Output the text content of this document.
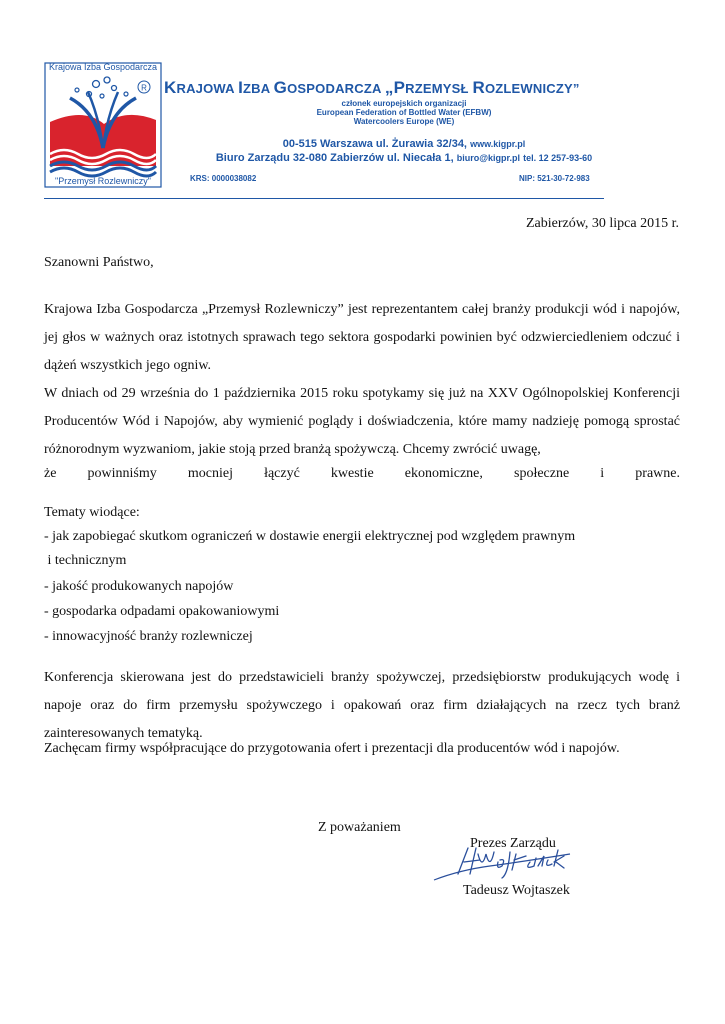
R
Krajowa Izba Gospodarcza
"Przemysł Rozlewniczy"
KRAJOWA IZBA GOSPODARCZA „PRZEMYSŁ ROZLEWNICZY”
członek europejskich organizacji
European Federation of Bottled Water (EFBW)
Watercoolers Europe (WE)
00-515 Warszawa ul. Żurawia 32/34, www.kigpr.pl
Biuro Zarządu 32-080 Zabierzów ul. Niecała 1, biuro@kigpr.pl tel. 12 257-93-60
KRS: 0000038082	NIP: 521-30-72-983
Zabierzów, 30 lipca 2015 r.
Szanowni Państwo,
Krajowa Izba Gospodarcza „Przemysł Rozlewniczy” jest reprezentantem całej branży produkcji wód i napojów, jej głos w ważnych oraz istotnych sprawach tego sektora gospodarki powinien być odzwierciedleniem odczuć i dążeń wszystkich jego ogniw.
W dniach od 29 września do 1 października 2015 roku spotykamy się już na XXV Ogólnopolskiej Konferencji Producentów Wód i Napojów, aby wymienić poglądy i doświadczenia, które mamy nadzieję pomogą sprostać różnorodnym wyzwaniom, jakie stoją przed branżą spożywczą. Chcemy zwrócić uwagę,
że powinniśmy mocniej łączyć kwestie ekonomiczne, społeczne i prawne.
Tematy wiodące:
- jak zapobiegać skutkom ograniczeń w dostawie energii elektrycznej pod względem prawnym
i technicznym
- jakość produkowanych napojów
- gospodarka odpadami opakowaniowymi
- innowacyjność branży rozlewniczej
Konferencja skierowana jest do przedstawicieli branży spożywczej, przedsiębiorstw produkujących wodę i napoje oraz do firm przemysłu spożywczego i opakowań oraz firm działających na rzecz tych branż zainteresowanych tematyką.
Zachęcam firmy współpracujące do przygotowania ofert i prezentacji dla producentów wód i napojów.
Z poważaniem
Prezes Zarządu
Tadeusz Wojtaszek
